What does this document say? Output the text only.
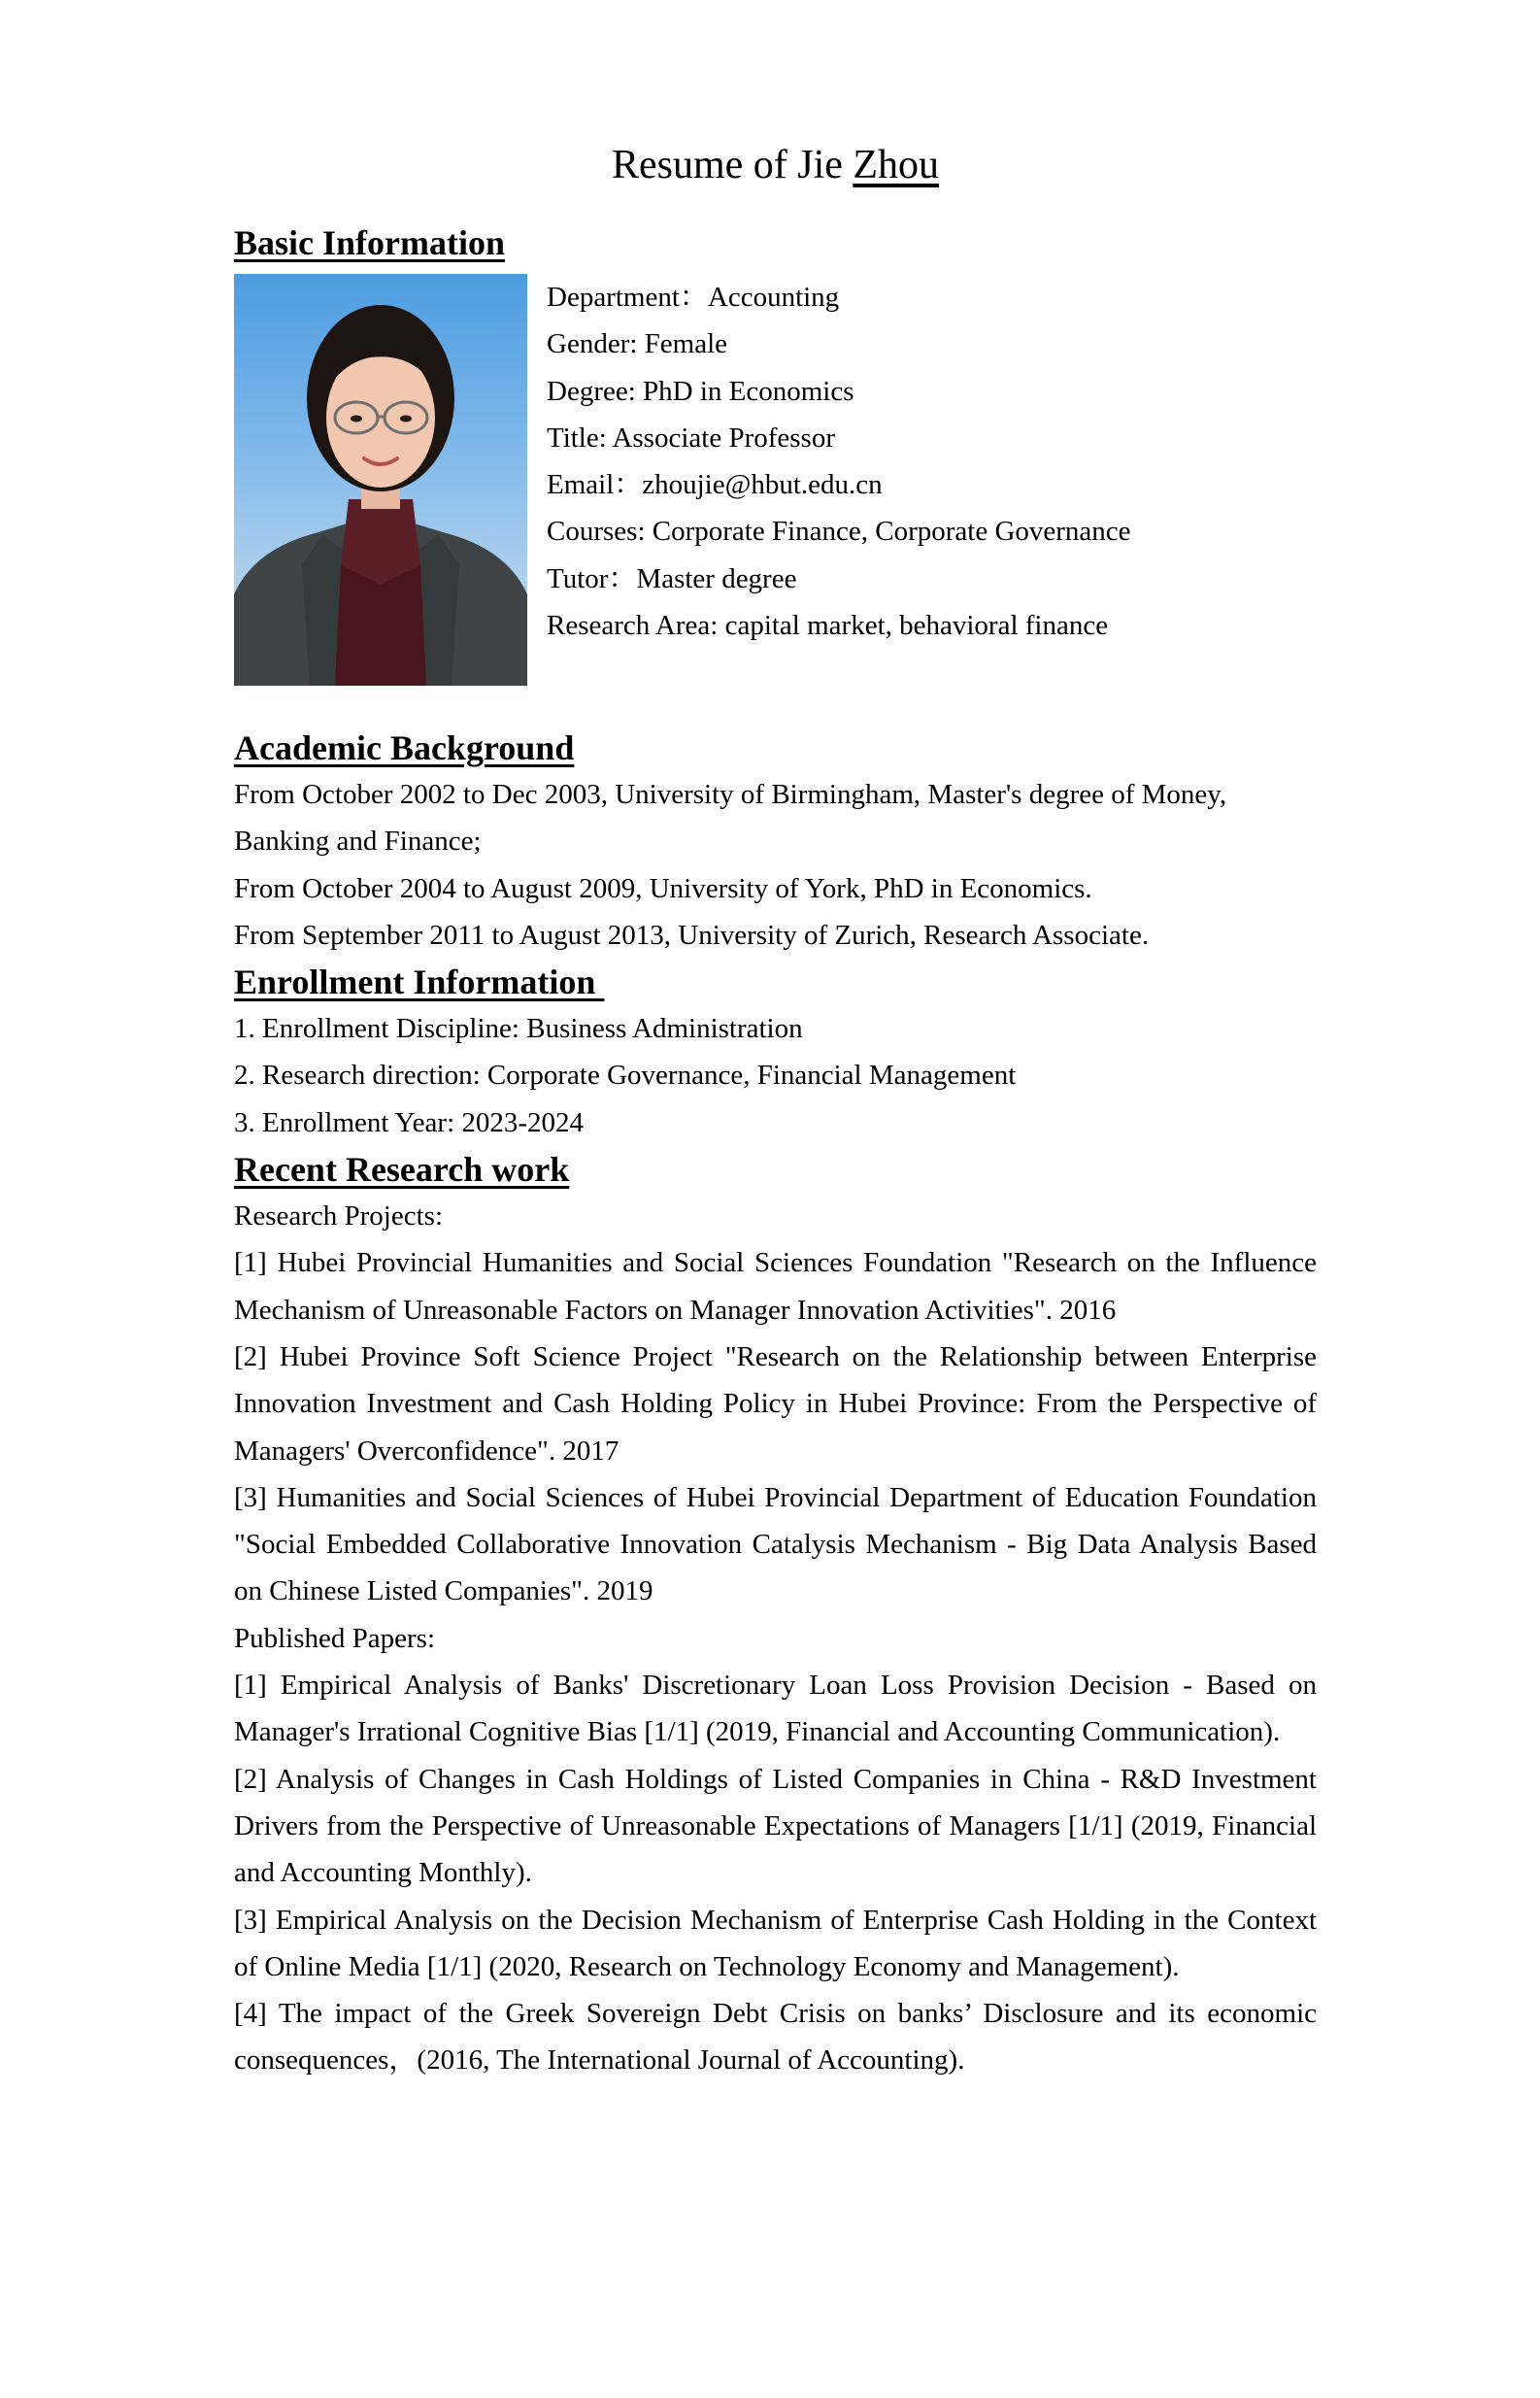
Resume of Jie Zhou
Basic Information

Department：Accounting

Gender: Female

Degree: PhD in Economics

Title: Associate Professor

Email：zhoujie@hbut.edu.cn

Courses: Corporate Finance, Corporate Governance

Tutor：Master degree

Research Area: capital market, behavioral finance

Academic Background

From October 2002 to Dec 2003, University of Birmingham, Master's degree of Money, Banking and Finance;

From October 2004 to August 2009, University of York, PhD in Economics.

From September 2011 to August 2013, University of Zurich, Research Associate.

Enrollment Information

1. Enrollment Discipline: Business Administration

2. Research direction: Corporate Governance, Financial Management

3. Enrollment Year: 2023-2024

Recent Research work

Research Projects:

[1] Hubei Provincial Humanities and Social Sciences Foundation "Research on the Influence Mechanism of Unreasonable Factors on Manager Innovation Activities". 2016

[2] Hubei Province Soft Science Project "Research on the Relationship between Enterprise Innovation Investment and Cash Holding Policy in Hubei Province: From the Perspective of Managers' Overconfidence". 2017

[3] Humanities and Social Sciences of Hubei Provincial Department of Education Foundation "Social Embedded Collaborative Innovation Catalysis Mechanism - Big Data Analysis Based on Chinese Listed Companies". 2019

Published Papers:

[1] Empirical Analysis of Banks' Discretionary Loan Loss Provision Decision - Based on Manager's Irrational Cognitive Bias [1/1] (2019, Financial and Accounting Communication).

[2] Analysis of Changes in Cash Holdings of Listed Companies in China - R&D Investment Drivers from the Perspective of Unreasonable Expectations of Managers [1/1] (2019, Financial and Accounting Monthly).

[3] Empirical Analysis on the Decision Mechanism of Enterprise Cash Holding in the Context of Online Media [1/1] (2020, Research on Technology Economy and Management).

[4] The impact of the Greek Sovereign Debt Crisis on banks’ Disclosure and its economic consequences，(2016, The International Journal of Accounting).
